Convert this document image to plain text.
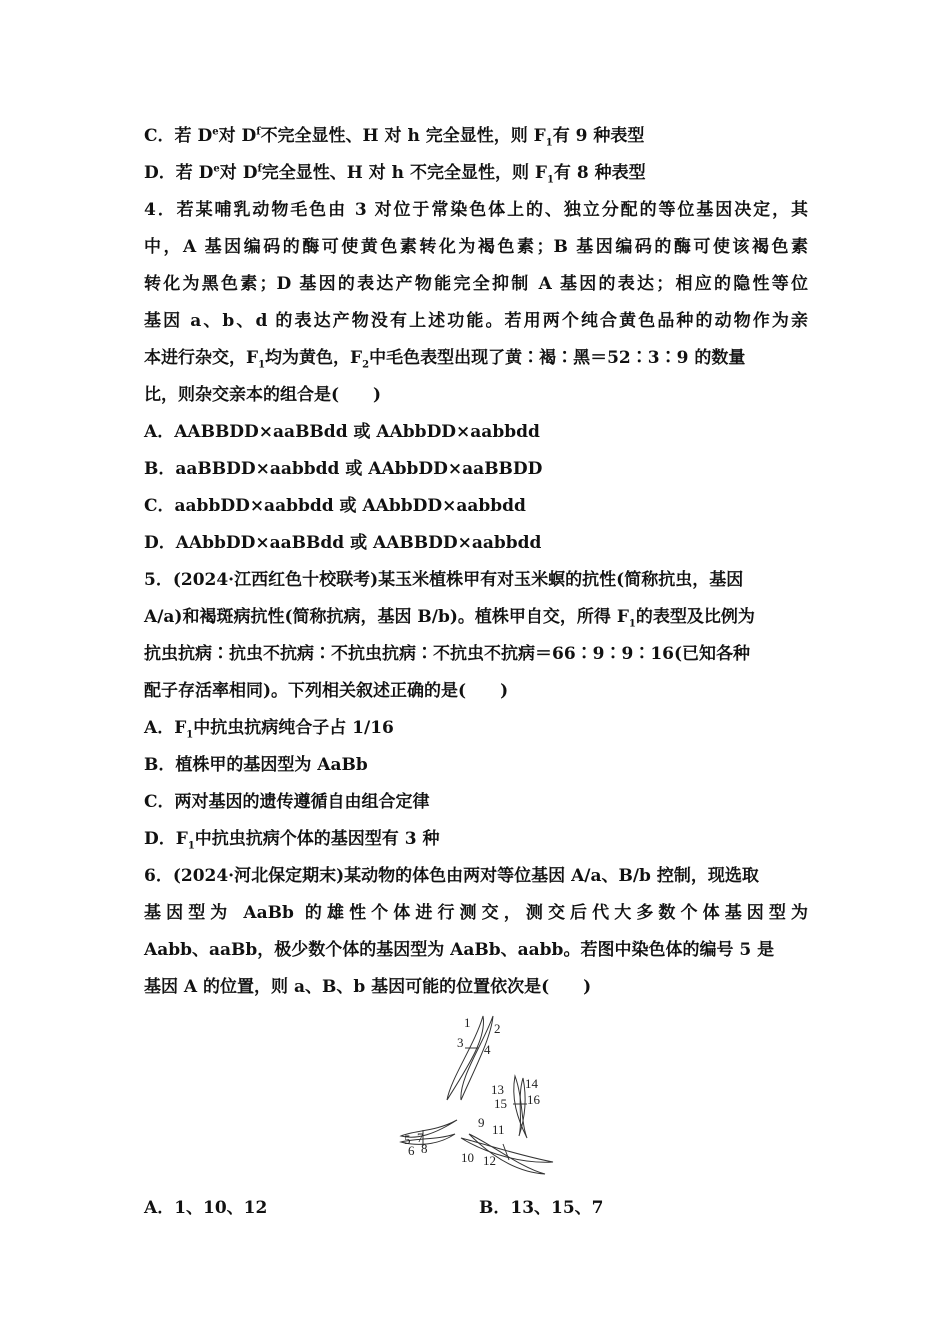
C．若 De对 $D^f$不完全显性、H 对 h 完全显性，则 $F_1$有 9 种表型
D．若 De对 $D^f$完全显性、H 对 h 不完全显性，则 $F_1$有 8 种表型
4．若某哺乳动物毛色由 3 对位于常染色体上的、独立分配的等位基因决定，其
中，A 基因编码的酶可使黄色素转化为褐色素；B 基因编码的酶可使该褐色素
转化为黑色素；D 基因的表达产物能完全抑制 A 基因的表达；相应的隐性等位
基因 a、b、d 的表达产物没有上述功能。若用两个纯合黄色品种的动物作为亲
本进行杂交，$F_1$均为黄色，$F_2$中毛色表型出现了黄∶褐∶黑＝52∶3∶9 的数量
比，则杂交亲本的组合是(　　)
A．AABBDD×aaBBdd 或 AAbbDD×aabbdd
B．aaBBDD×aabbdd 或 AAbbDD×aaBBDD
C．aabbDD×aabbdd 或 AAbbDD×aabbdd
D．AAbbDD×aaBBdd 或 AABBDD×aabbdd
5．(2024·江西红色十校联考)某玉米植株甲有对玉米螟的抗性(简称抗虫，基因
A/a)和褐斑病抗性(简称抗病，基因 B/b)。植株甲自交，所得 $F_1$的表型及比例为
抗虫抗病∶抗虫不抗病∶不抗虫抗病∶不抗虫不抗病＝66∶9∶9∶16(已知各种
配子存活率相同)。下列相关叙述正确的是(　　)
A．$F_1$中抗虫抗病纯合子占 1/16
B．植株甲的基因型为 AaBb
C．两对基因的遗传遵循自由组合定律
D．$F_1$中抗虫抗病个体的基因型有 3 种
6．(2024·河北保定期末)某动物的体色由两对等位基因 A/a、B/b 控制，现选取
基因型为 AaBb 的雄性个体进行测交，测交后代大多数个体基因型为
Aabb、aaBb，极少数个体的基因型为 AaBb、aabb。若图中染色体的编号 5 是
基因 A 的位置，则 a、B、b 基因可能的位置依次是(　　)
1 2
3 4
5
6
7
8
9
10
11
12
13 14
15 16
A．1、10、12	B．13、15、7
